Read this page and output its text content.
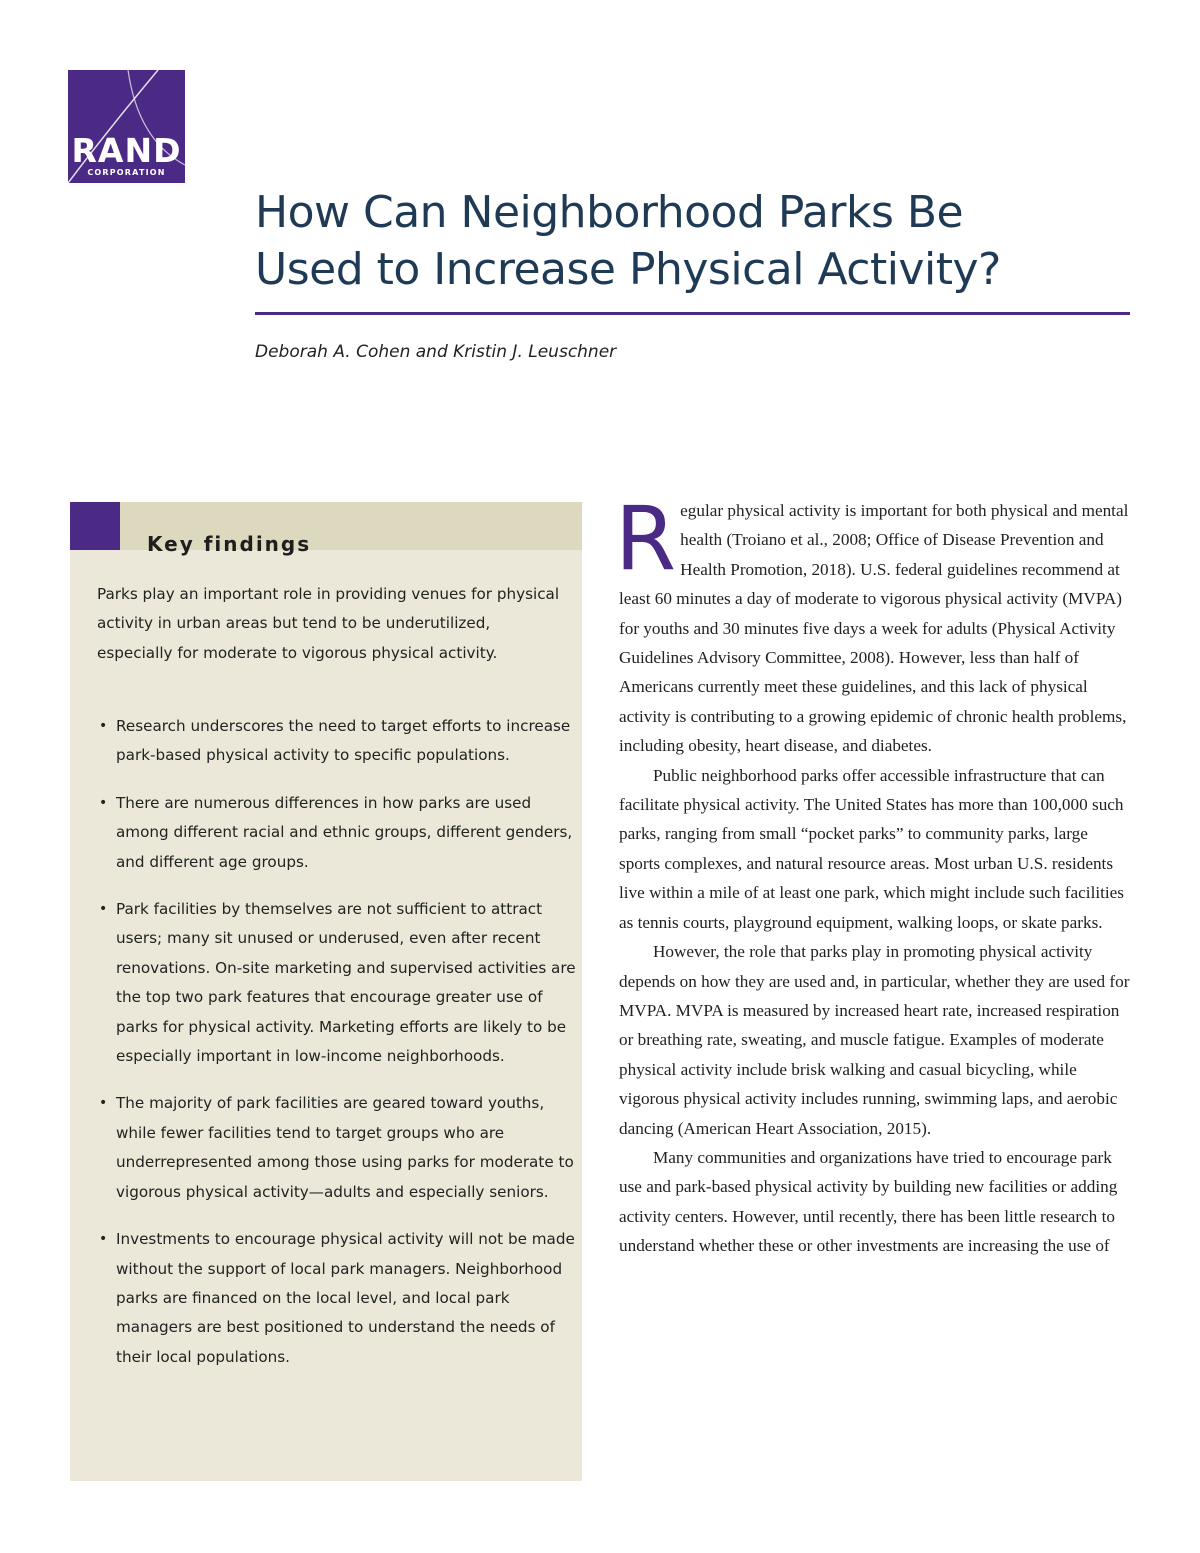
RAND
CORPORATION
How Can Neighborhood Parks Be
Used to Increase Physical Activity?

Deborah A. Cohen and Kristin J. Leuschner

Key findings

Parks play an important role in providing venues for physical activity in urban areas but tend to be underutilized, especially for moderate to vigorous physical activity.

• Research underscores the need to target efforts to increase park-based physical activity to specific populations.
• There are numerous differences in how parks are used among different racial and ethnic groups, different genders, and different age groups.
• Park facilities by themselves are not sufficient to attract users; many sit unused or underused, even after recent renovations. On-site marketing and supervised activities are the top two park features that encourage greater use of parks for physical activity. Marketing efforts are likely to be especially important in low-income neighborhoods.
• The majority of park facilities are geared toward youths, while fewer facilities tend to target groups who are underrepresented among those using parks for moderate to vigorous physical activity—adults and especially seniors.
• Investments to encourage physical activity will not be made without the support of local park managers. Neighborhood parks are financed on the local level, and local park managers are best positioned to understand the needs of their local populations.

Regular physical activity is important for both physical and mental health (Troiano et al., 2008; Office of Disease Prevention and Health Promotion, 2018). U.S. federal guidelines recommend at least 60 minutes a day of moderate to vigorous physical activity (MVPA) for youths and 30 minutes five days a week for adults (Physical Activity Guidelines Advisory Committee, 2008). However, less than half of Americans currently meet these guidelines, and this lack of physical activity is contributing to a growing epidemic of chronic health problems, including obesity, heart disease, and diabetes.

Public neighborhood parks offer accessible infrastructure that can facilitate physical activity. The United States has more than 100,000 such parks, ranging from small “pocket parks” to community parks, large sports complexes, and natural resource areas. Most urban U.S. residents live within a mile of at least one park, which might include such facilities as tennis courts, playground equipment, walking loops, or skate parks.

However, the role that parks play in promoting physical activity depends on how they are used and, in particular, whether they are used for MVPA. MVPA is measured by increased heart rate, increased respiration or breathing rate, sweating, and muscle fatigue. Examples of moderate physical activity include brisk walking and casual bicycling, while vigorous physical activity includes running, swimming laps, and aerobic dancing (American Heart Association, 2015).

Many communities and organizations have tried to encourage park use and park-based physical activity by building new facilities or adding activity centers. However, until recently, there has been little research to understand whether these or other investments are increasing the use of
